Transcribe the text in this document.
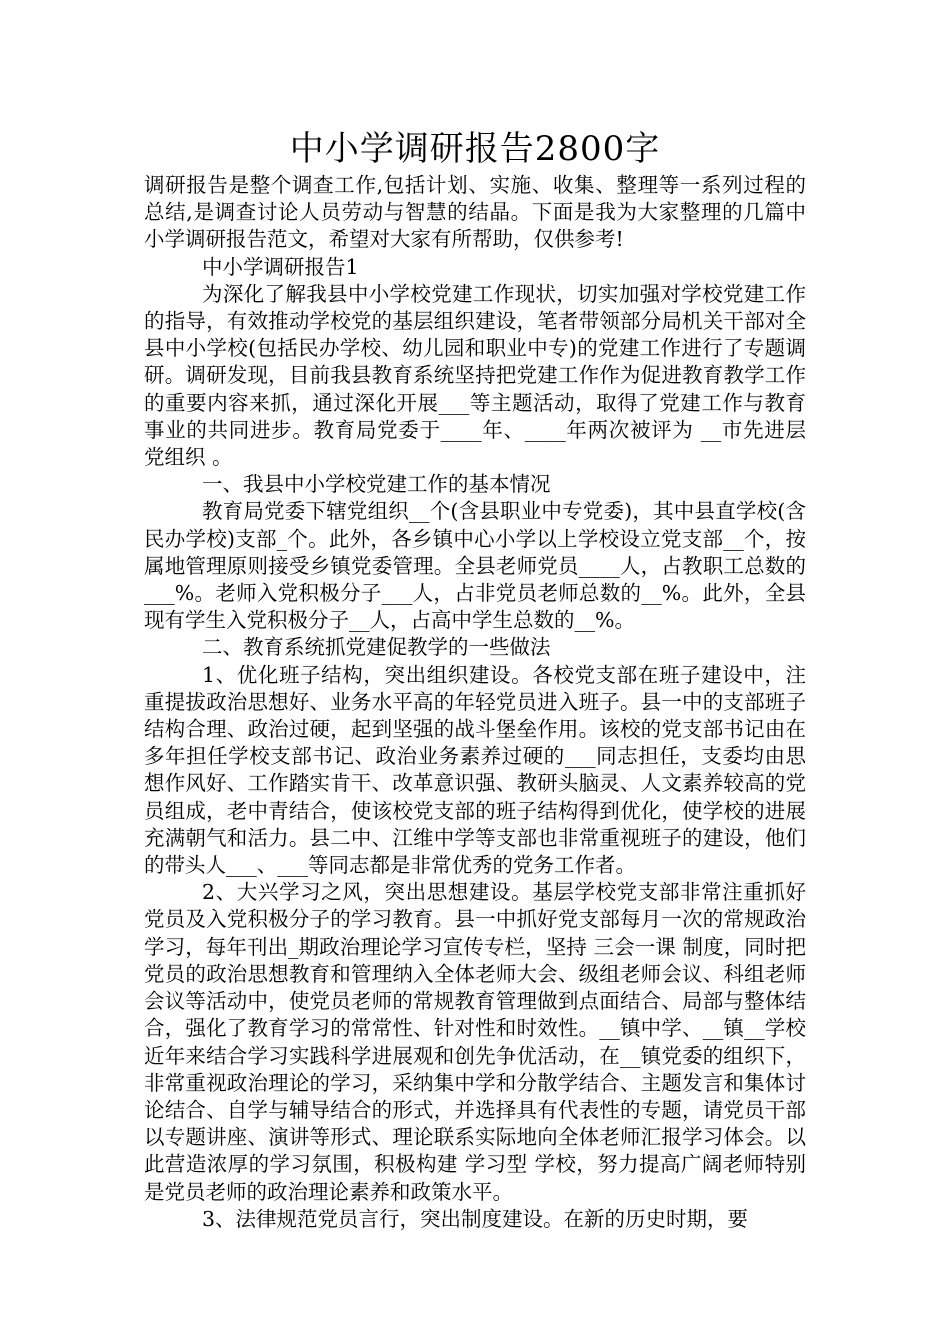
中小学调研报告2800字

调研报告是整个调查工作,包括计划、实施、收集、整理等一系列过程的总结,是调查讨论人员劳动与智慧的结晶。下面是我为大家整理的几篇中小学调研报告范文，希望对大家有所帮助，仅供参考!

中小学调研报告1

为深化了解我县中小学校党建工作现状，切实加强对学校党建工作的指导，有效推动学校党的基层组织建设，笔者带领部分局机关干部对全县中小学校(包括民办学校、幼儿园和职业中专)的党建工作进行了专题调研。调研发现，目前我县教育系统坚持把党建工作作为促进教育教学工作的重要内容来抓，通过深化开展___等主题活动，取得了党建工作与教育事业的共同进步。教育局党委于____年、____年两次被评为 __市先进层党组织 。

一、我县中小学校党建工作的基本情况

教育局党委下辖党组织__个(含县职业中专党委)，其中县直学校(含民办学校)支部_个。此外，各乡镇中心小学以上学校设立党支部__个，按属地管理原则接受乡镇党委管理。全县老师党员____人，占教职工总数的___%。老师入党积极分子___人，占非党员老师总数的__%。此外，全县现有学生入党积极分子__人，占高中学生总数的__%。

二、教育系统抓党建促教学的一些做法

1、优化班子结构，突出组织建设。各校党支部在班子建设中，注重提拔政治思想好、业务水平高的年轻党员进入班子。县一中的支部班子结构合理、政治过硬，起到坚强的战斗堡垒作用。该校的党支部书记由在多年担任学校支部书记、政治业务素养过硬的___同志担任，支委均由思想作风好、工作踏实肯干、改革意识强、教研头脑灵、人文素养较高的党员组成，老中青结合，使该校党支部的班子结构得到优化，使学校的进展充满朝气和活力。县二中、江维中学等支部也非常重视班子的建设，他们的带头人___、___等同志都是非常优秀的党务工作者。

2、大兴学习之风，突出思想建设。基层学校党支部非常注重抓好党员及入党积极分子的学习教育。县一中抓好党支部每月一次的常规政治学习，每年刊出_期政治理论学习宣传专栏，坚持 三会一课 制度，同时把党员的政治思想教育和管理纳入全体老师大会、级组老师会议、科组老师会议等活动中，使党员老师的常规教育管理做到点面结合、局部与整体结合，强化了教育学习的常常性、针对性和时效性。__镇中学、__镇__学校近年来结合学习实践科学进展观和创先争优活动，在__镇党委的组织下，非常重视政治理论的学习，采纳集中学和分散学结合、主题发言和集体讨论结合、自学与辅导结合的形式，并选择具有代表性的专题，请党员干部以专题讲座、演讲等形式、理论联系实际地向全体老师汇报学习体会。以此营造浓厚的学习氛围，积极构建 学习型 学校，努力提高广阔老师特别是党员老师的政治理论素养和政策水平。

3、法律规范党员言行，突出制度建设。在新的历史时期，要
